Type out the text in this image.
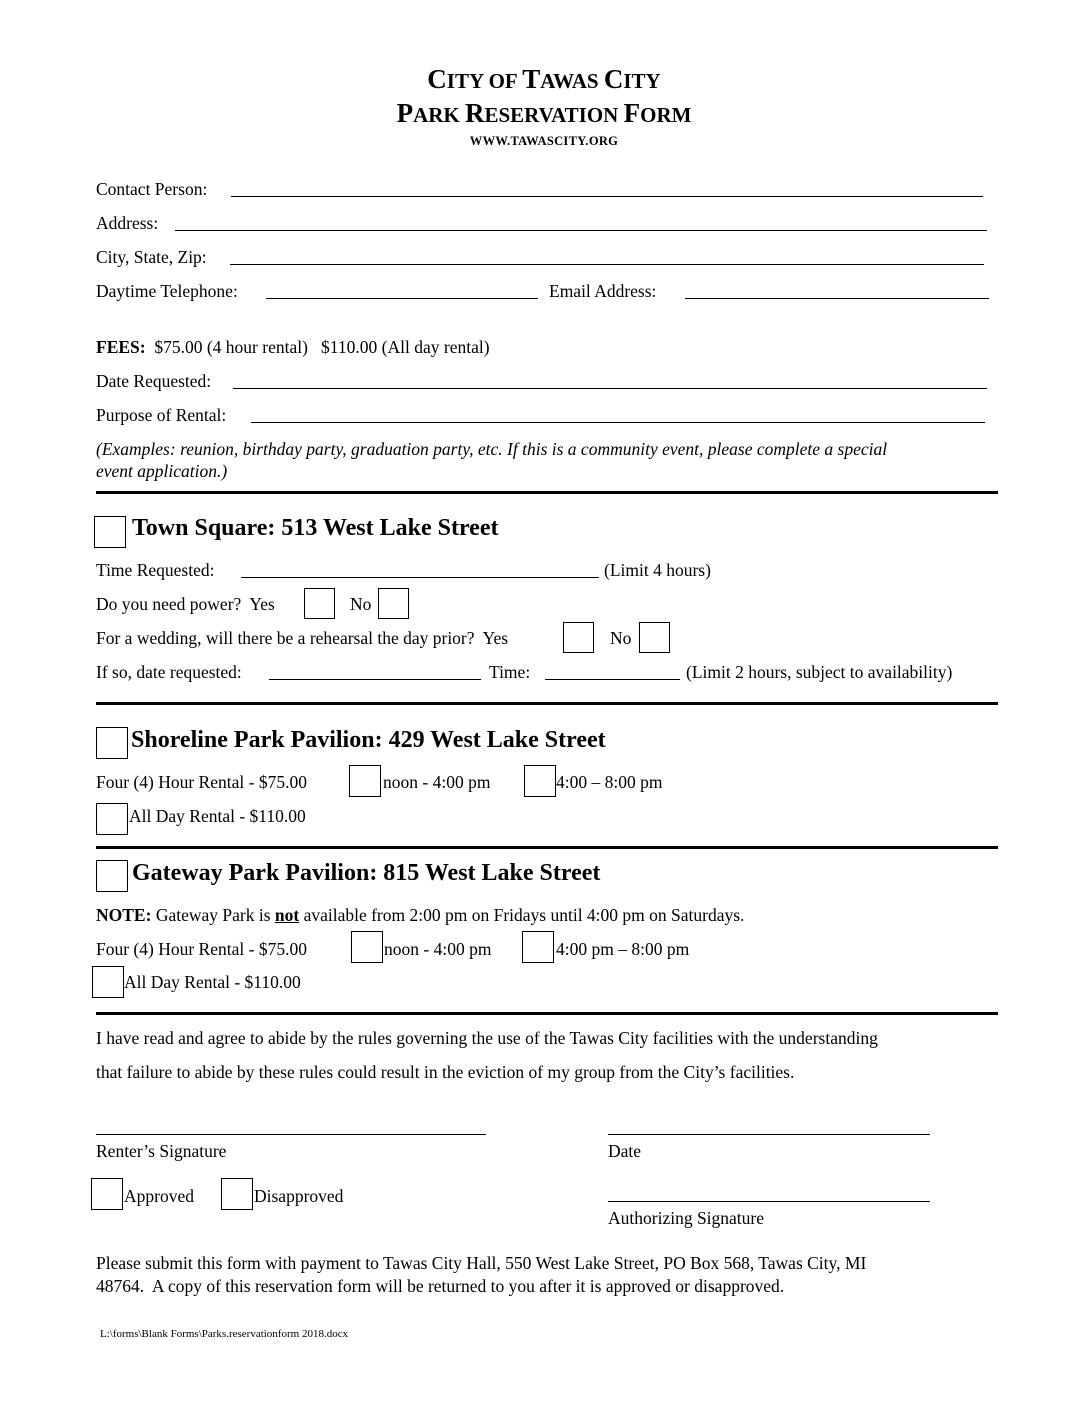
CITY OF TAWAS CITY
PARK RESERVATION FORM
WWW.TAWASCITY.ORG
Contact Person:
Address:
City, State, Zip:
Daytime Telephone:	Email Address:
FEES: $75.00 (4 hour rental)   $110.00 (All day rental)
Date Requested:
Purpose of Rental:
(Examples: reunion, birthday party, graduation party, etc. If this is a community event, please complete a special
event application.)
Town Square: 513 West Lake Street
Time Requested:	(Limit 4 hours)
Do you need power?  Yes	No
For a wedding, will there be a rehearsal the day prior?  Yes	No
If so, date requested:	Time:	(Limit 2 hours, subject to availability)
Shoreline Park Pavilion: 429 West Lake Street
Four (4) Hour Rental - $75.00	noon - 4:00 pm	4:00 – 8:00 pm
All Day Rental - $110.00
Gateway Park Pavilion: 815 West Lake Street
NOTE: Gateway Park is not available from 2:00 pm on Fridays until 4:00 pm on Saturdays.
Four (4) Hour Rental - $75.00	noon - 4:00 pm	4:00 pm – 8:00 pm
All Day Rental - $110.00
I have read and agree to abide by the rules governing the use of the Tawas City facilities with the understanding
that failure to abide by these rules could result in the eviction of my group from the City’s facilities.
Renter’s Signature	Date
Approved	Disapproved
Authorizing Signature
Please submit this form with payment to Tawas City Hall, 550 West Lake Street, PO Box 568, Tawas City, MI
48764.  A copy of this reservation form will be returned to you after it is approved or disapproved.
L:\forms\Blank Forms\Parks.reservationform 2018.docx
